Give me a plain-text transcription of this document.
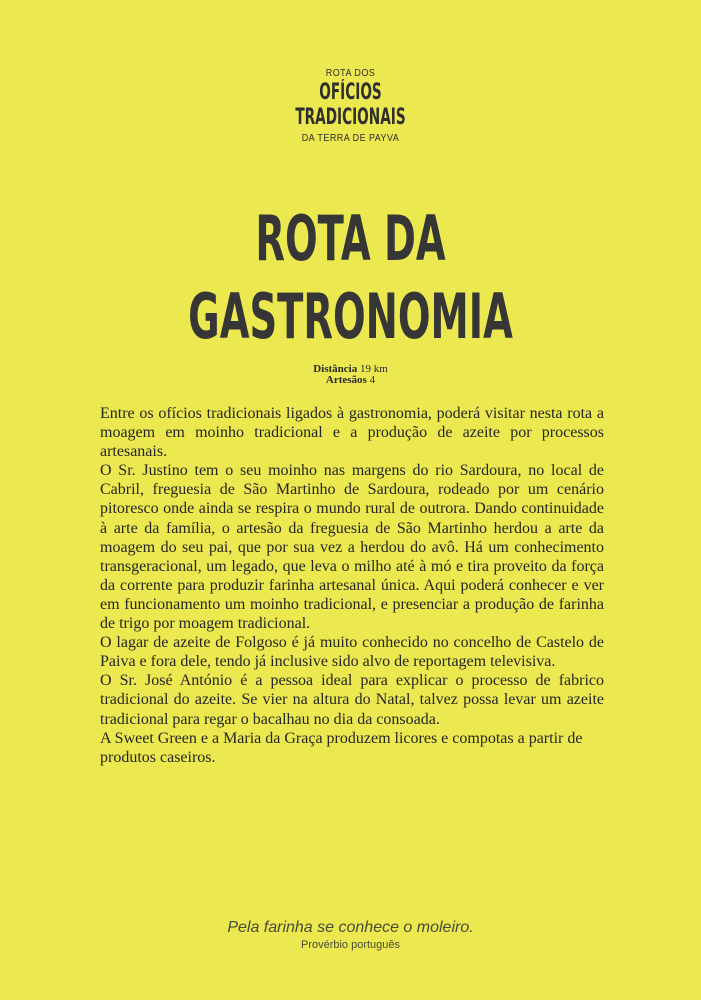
ROTA DOS
OFÍCIOS
TRADICIONAIS
DA TERRA DE PAYVA
ROTA DA
GASTRONOMIA
Distância 19 km
Artesãos 4

Entre os ofícios tradicionais ligados à gastronomia, poderá visitar nesta rota a moagem em moinho tradicional e a produção de azeite por processos artesanais.

O Sr. Justino tem o seu moinho nas margens do rio Sardoura, no local de Cabril, freguesia de São Martinho de Sardoura, rodeado por um cenário pitoresco onde ainda se respira o mundo rural de outrora. Dando continuidade à arte da família, o artesão da freguesia de São Martinho herdou a arte da moagem do seu pai, que por sua vez a herdou do avô. Há um conhecimento transgeracional, um legado, que leva o milho até à mó e tira proveito da força da corrente para produzir farinha artesanal única. Aqui poderá conhecer e ver em funcionamento um moinho tradicional, e presenciar a produção de farinha de trigo por moagem tradicional.

O lagar de azeite de Folgoso é já muito conhecido no concelho de Castelo de Paiva e fora dele, tendo já inclusive sido alvo de reportagem televisiva.

O Sr. José António é a pessoa ideal para explicar o processo de fabrico tradicional do azeite. Se vier na altura do Natal, talvez possa levar um azeite tradicional para regar o bacalhau no dia da consoada.

A Sweet Green e a Maria da Graça produzem licores e compotas a partir de produtos caseiros.

Pela farinha se conhece o moleiro.
Provérbio português
